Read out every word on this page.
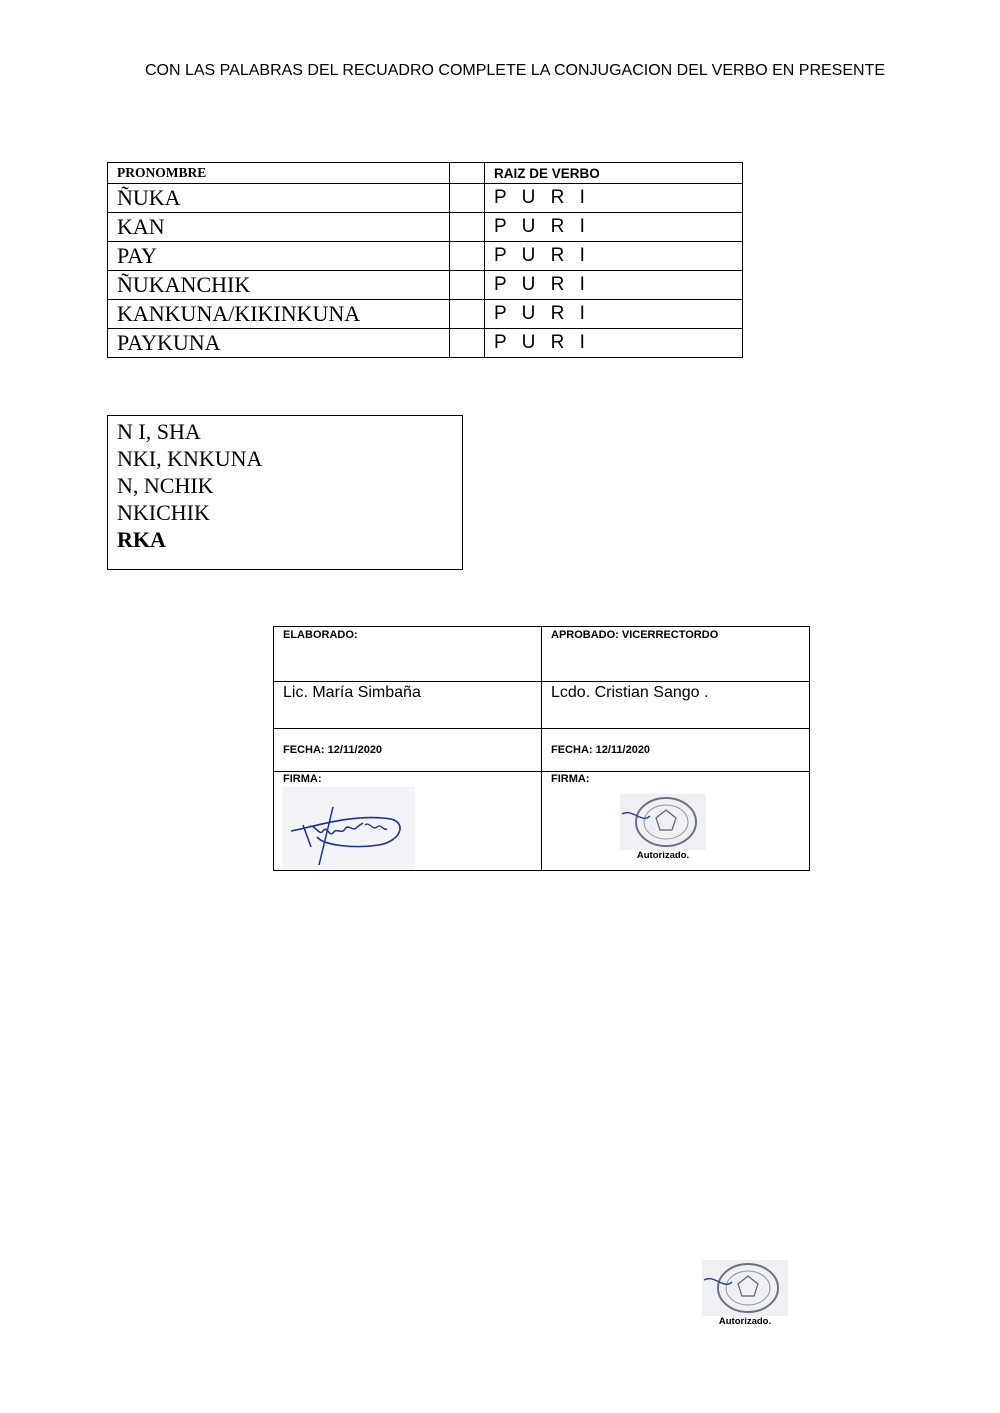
CON LAS PALABRAS DEL RECUADRO COMPLETE LA CONJUGACION DEL VERBO EN PRESENTE
PRONOMBRE		RAIZ DE VERBO
ÑUKA		P U R I
KAN		P U R I
PAY		P U R I
ÑUKANCHIK		P U R I
KANKUNA/KIKINKUNA		P U R I
PAYKUNA		P U R I
N I, SHA
NKI, KNKUNA
N, NCHIK
NKICHIK
RKA
ELABORADO:	APROBADO: VICERRECTORDO
Lic. María Simbaña	Lcdo. Cristian Sango .
FECHA: 12/11/2020	FECHA: 12/11/2020

FIRMA:	FIRMA:
Autorizado.
Autorizado.
